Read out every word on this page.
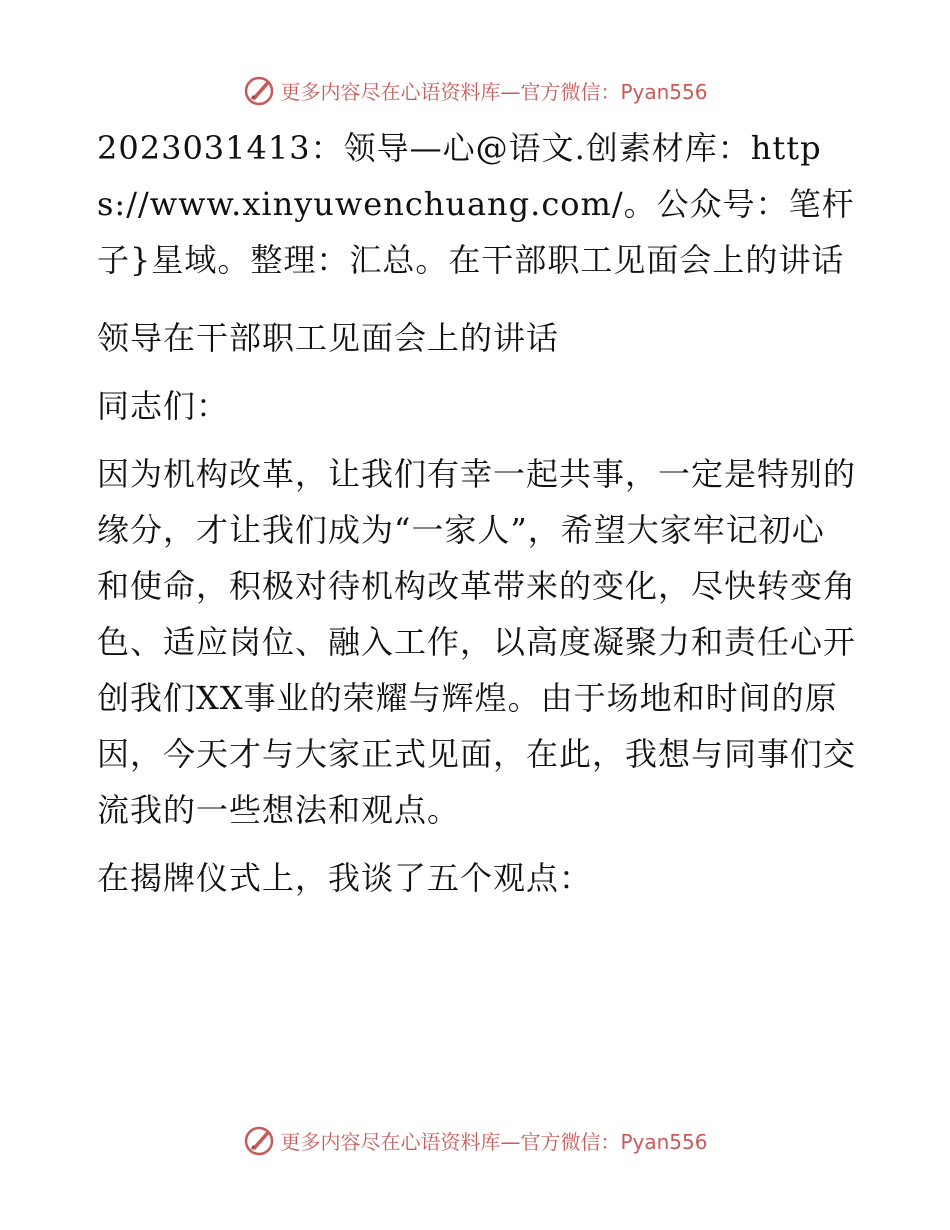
更多内容尽在心语资料库—官方微信：Pyan556

2023031413：领导—心@语文.创素材库：https://www.xinyuwenchuang.com/。公众号：笔杆子}星域。整理：汇总。在干部职工见面会上的讲话

领导在干部职工见面会上的讲话

同志们：

因为机构改革，让我们有幸一起共事，一定是特别的缘分，才让我们成为“一家人”，希望大家牢记初心和使命，积极对待机构改革带来的变化，尽快转变角色、适应岗位、融入工作，以高度凝聚力和责任心开创我们XX事业的荣耀与辉煌。由于场地和时间的原因，今天才与大家正式见面，在此，我想与同事们交流我的一些想法和观点。

在揭牌仪式上，我谈了五个观点：

更多内容尽在心语资料库—官方微信：Pyan556
